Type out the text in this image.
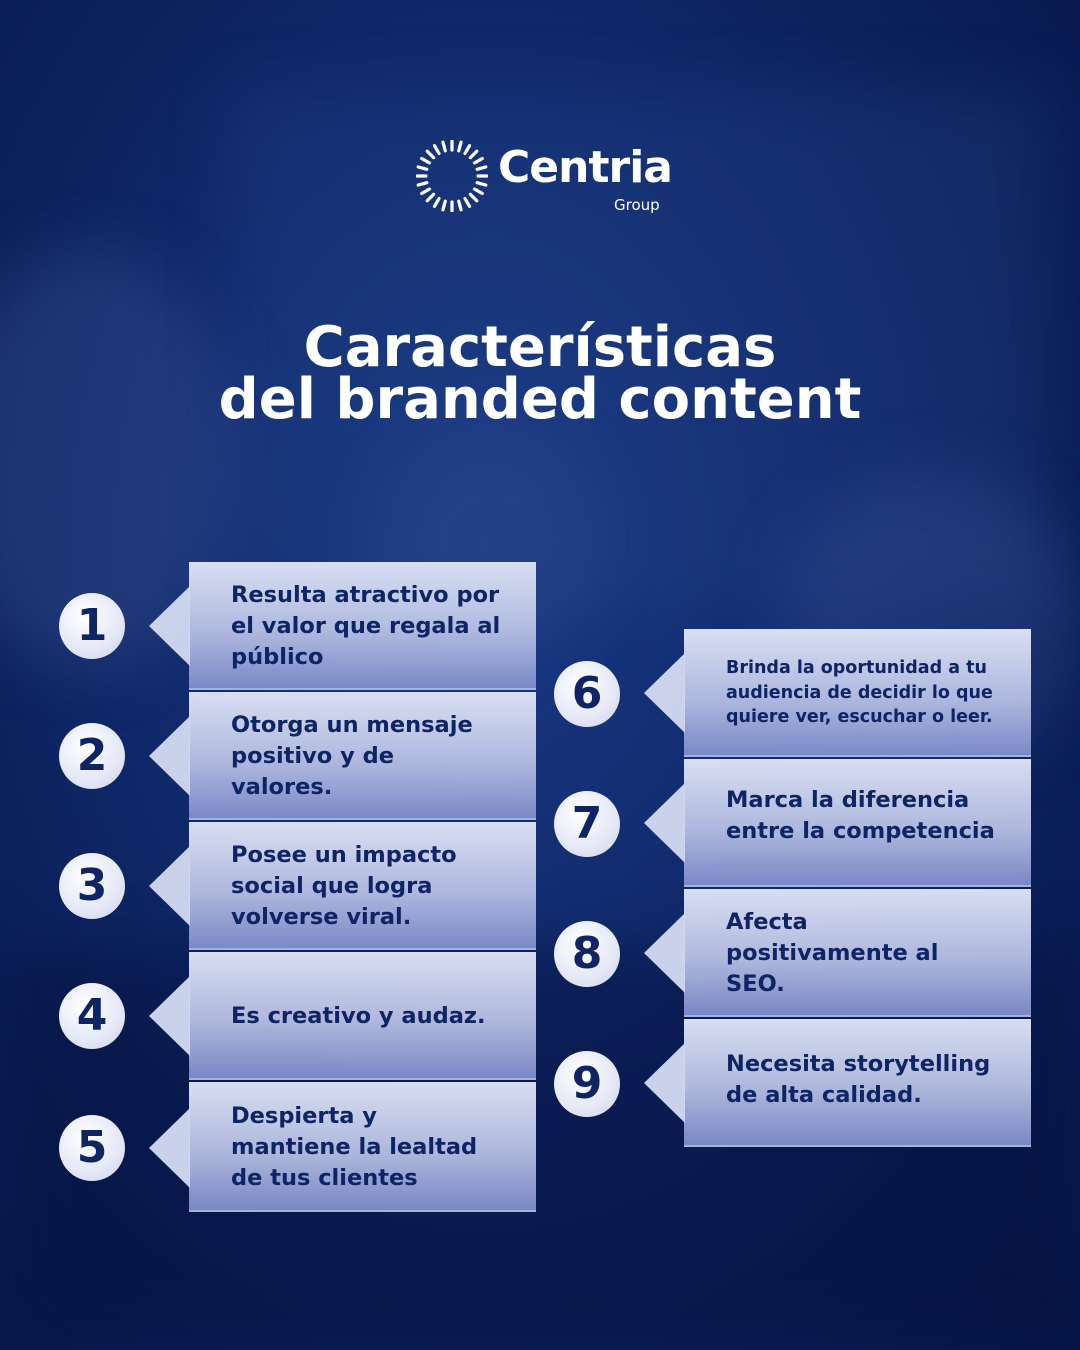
Centria
Group
Características
del branded content
1
Resulta atractivo por el valor que regala al público
2
Otorga un mensaje positivo y de valores.
3
Posee un impacto social que logra volverse viral.
4	Es creativo y audaz.
5
Despierta y mantiene la lealtad de tus clientes
6	Brinda la oportunidad a tu audiencia de decidir lo que quiere ver, escuchar o leer.
7	Marca la diferencia entre la competencia
8
Afecta positivamente al SEO.
9	Necesita storytelling de alta calidad.
